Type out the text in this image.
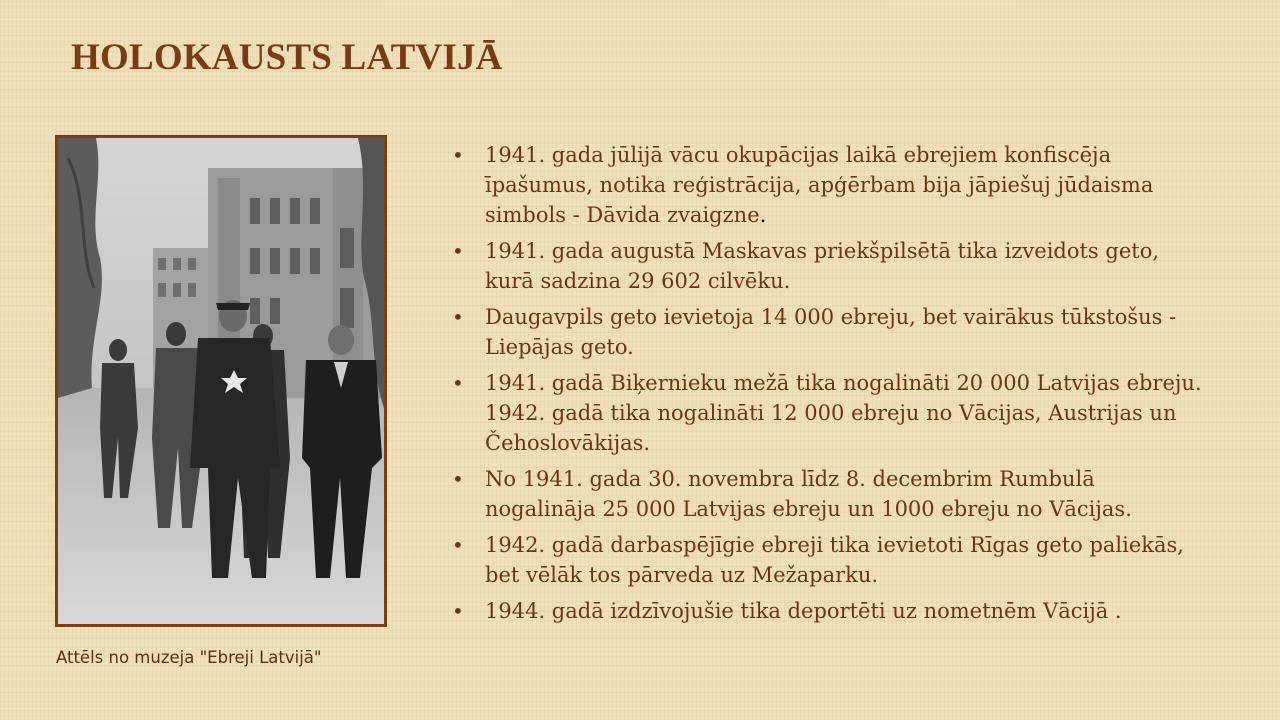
HOLOKAUSTS LATVIJĀ
Attēls no muzeja "Ebreji Latvijā"
• 1941. gada jūlijā vācu okupācijas laikā ebrejiem konfiscēja īpašumus, notika reģistrācija, apģērbam bija jāpiešuj jūdaisma simbols - Dāvida zvaigzne.
• 1941. gada augustā Maskavas priekšpilsētā tika izveidots geto, kurā sadzina 29 602 cilvēku.
• Daugavpils geto ievietoja 14 000 ebreju, bet vairākus tūkstošus - Liepājas geto.
• 1941. gadā Biķernieku mežā tika nogalināti 20 000 Latvijas ebreju. 1942. gadā tika nogalināti 12 000 ebreju no Vācijas, Austrijas un Čehoslovākijas.
• No 1941. gada 30. novembra līdz 8. decembrim Rumbulā nogalināja 25 000 Latvijas ebreju un 1000 ebreju no Vācijas.
• 1942. gadā darbaspējīgie ebreji tika ievietoti Rīgas geto paliekās, bet vēlāk tos pārveda uz Mežaparku.
• 1944. gadā izdzīvojušie tika deportēti uz nometnēm Vācijā .
